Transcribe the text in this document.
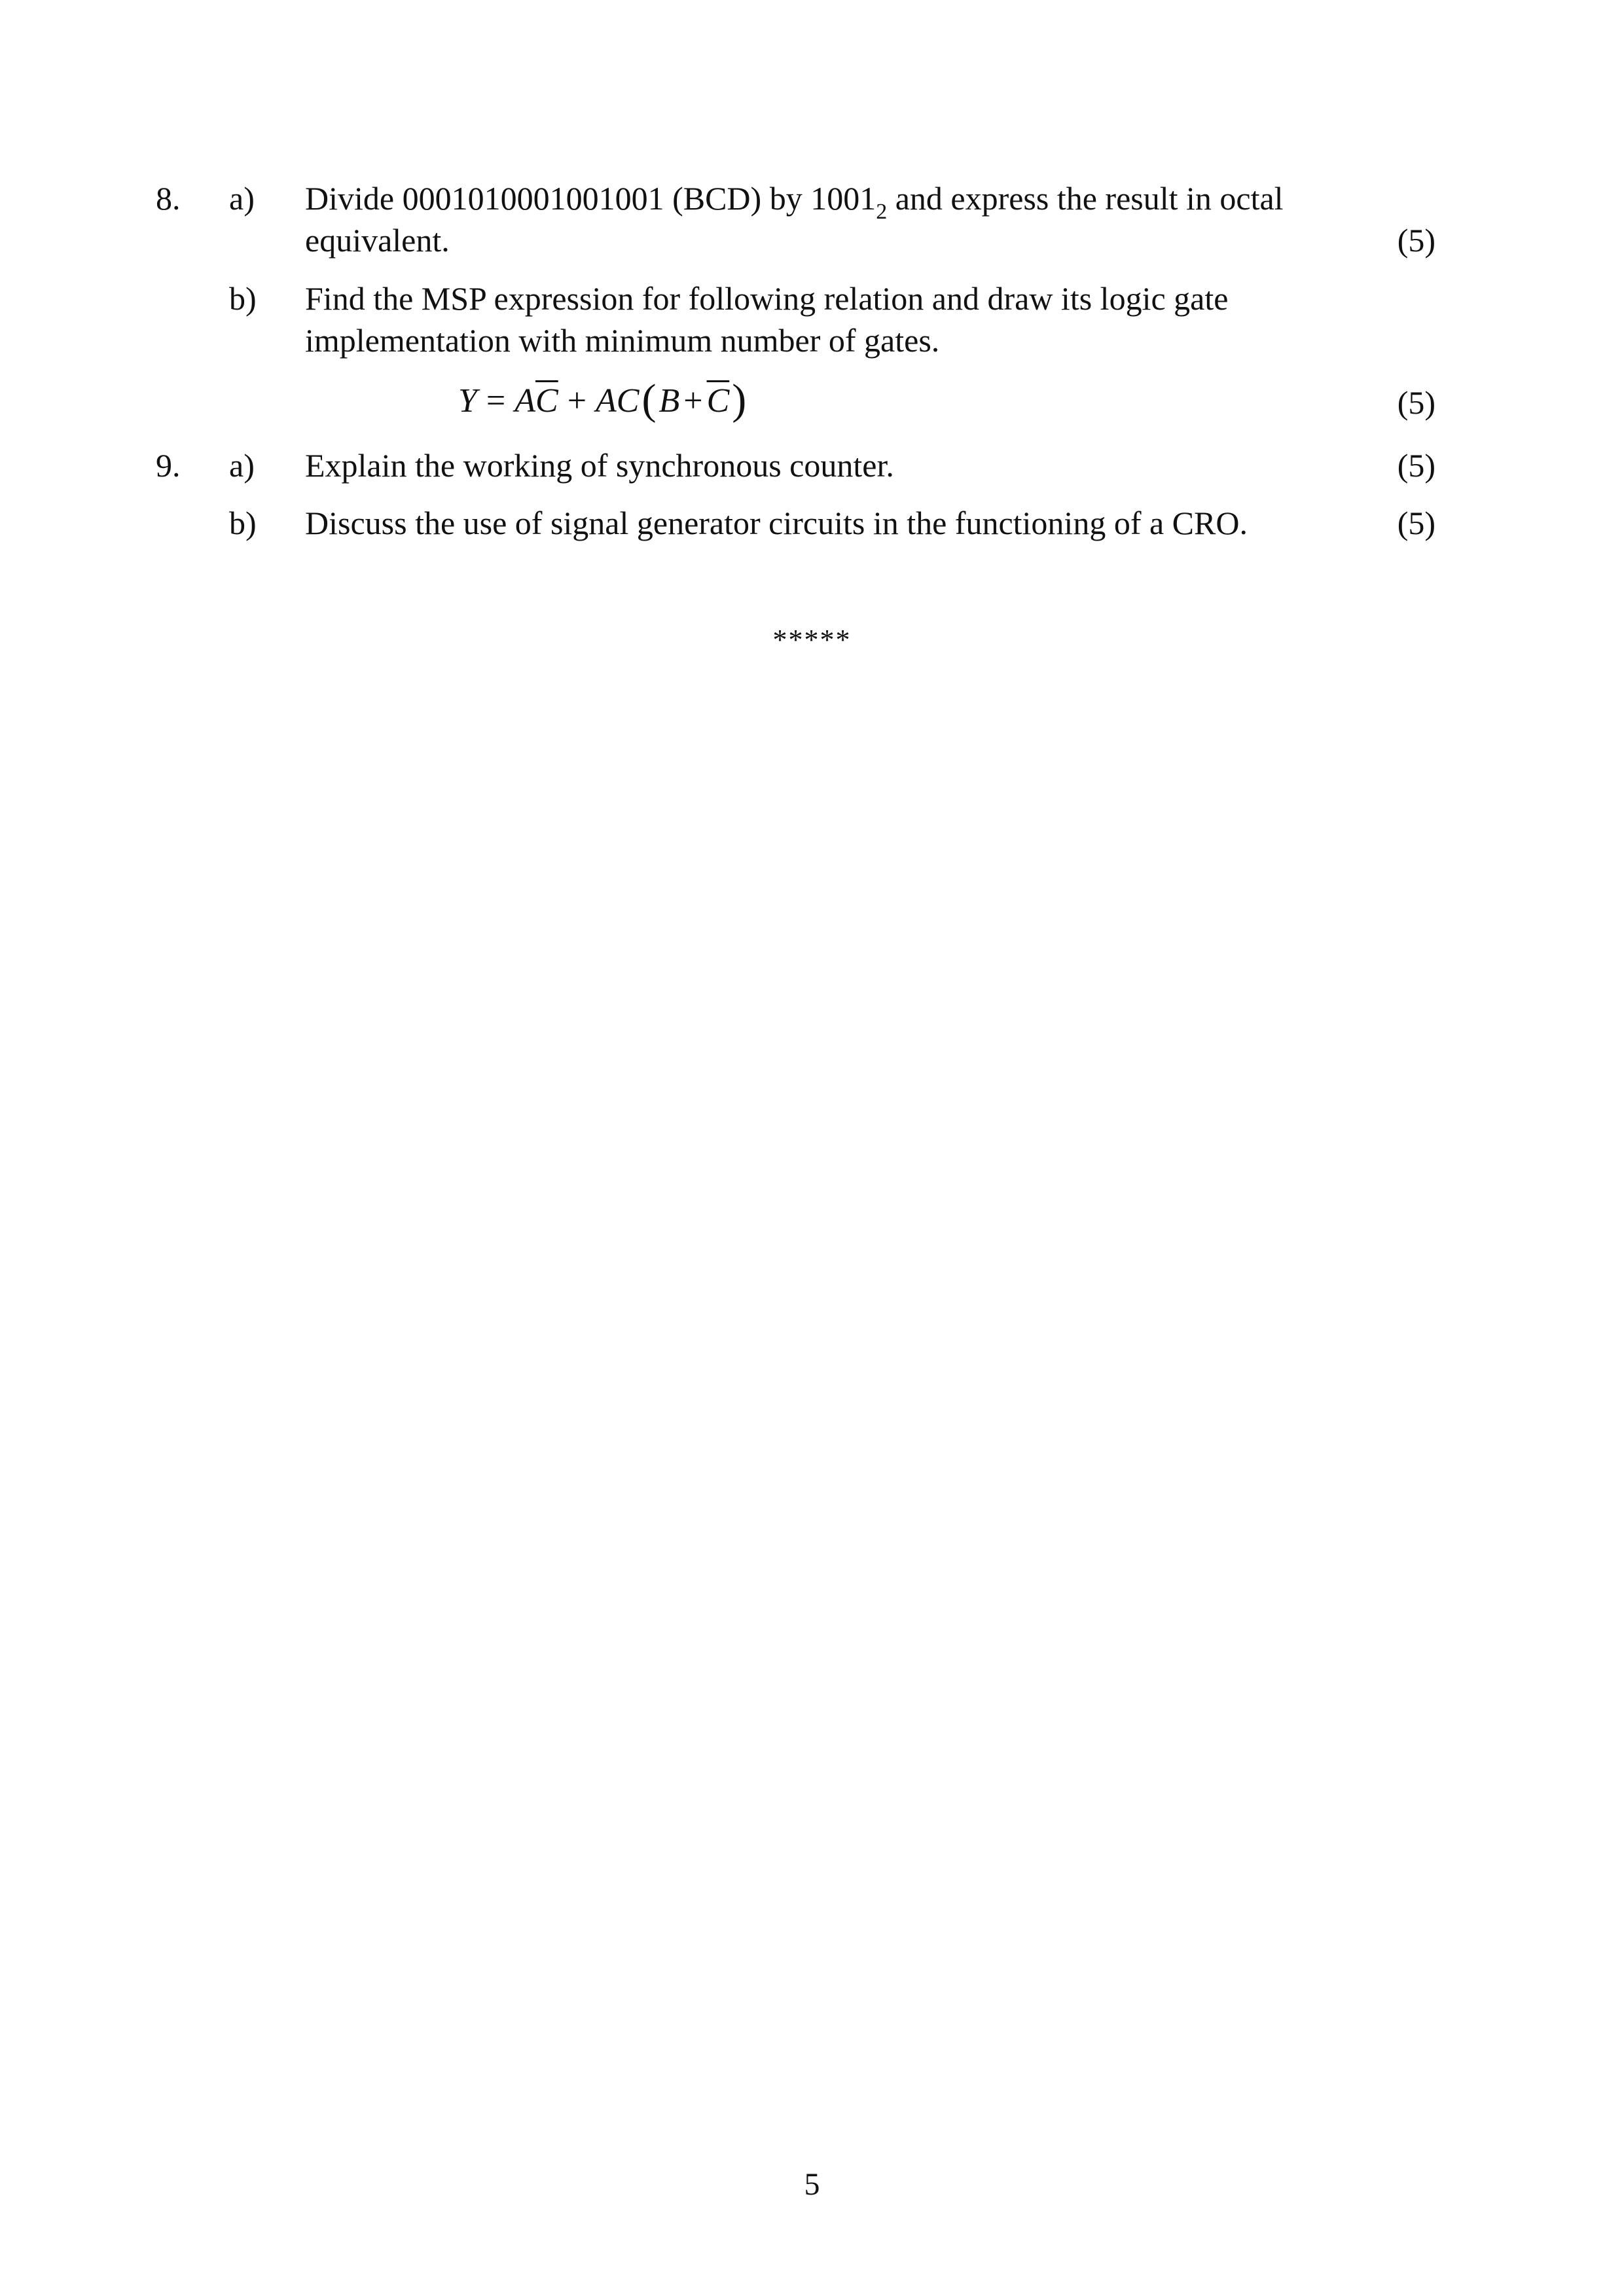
8. a) Divide 0001010001001001 (BCD) by $1001_2$ and express the result in octal
equivalent.	(5)
b) Find the MSP expression for following relation and draw its logic gate
implementation with minimum number of gates.
$Y = A\overline{C} + AC(B + \overline{C})$	(5)
9. a) Explain the working of synchronous counter.	(5)
b) Discuss the use of signal generator circuits in the functioning of a CRO.	(5)
*****
5
